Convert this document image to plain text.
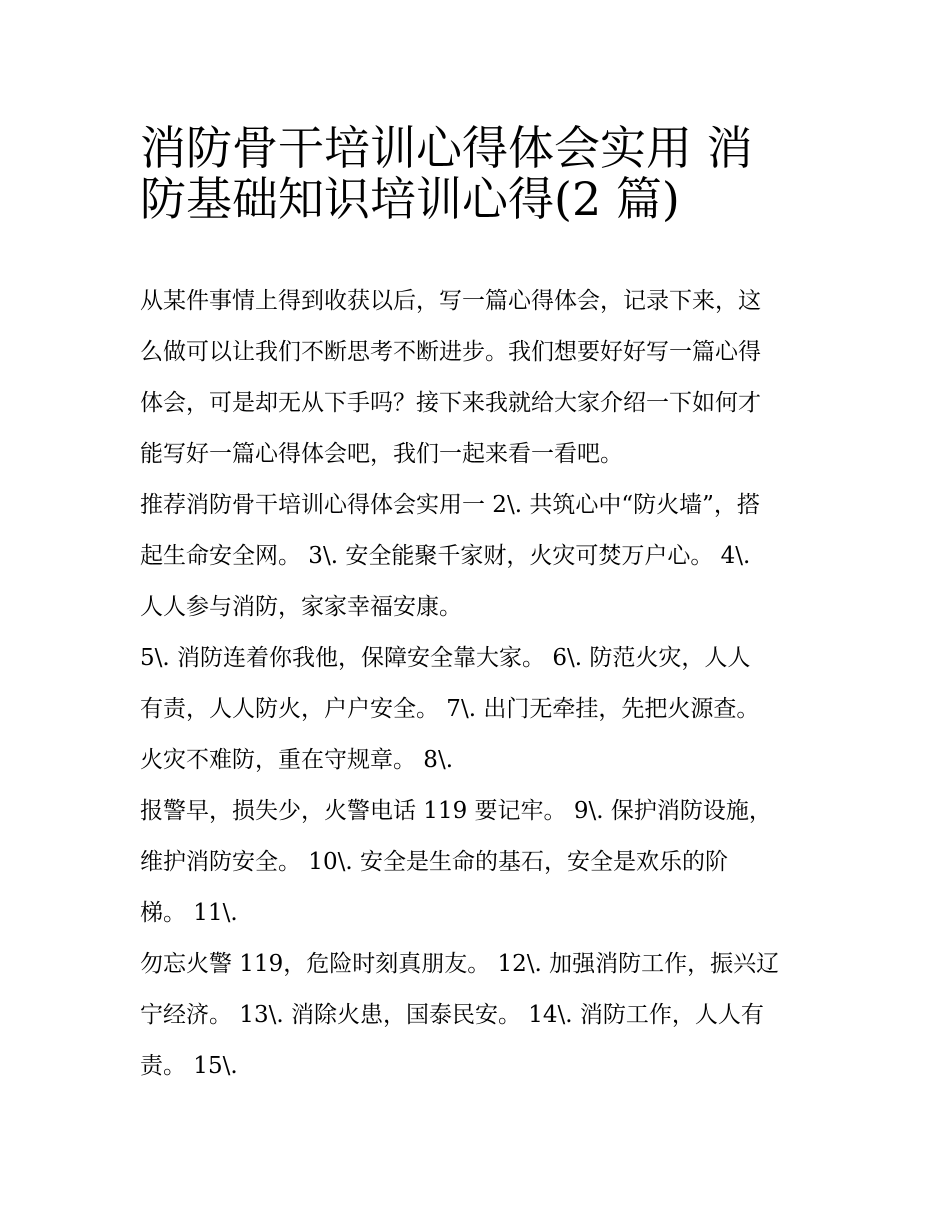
消防骨干培训心得体会实用 消
防基础知识培训心得(2 篇)
从某件事情上得到收获以后，写一篇心得体会，记录下来，这
么做可以让我们不断思考不断进步。我们想要好好写一篇心得
体会，可是却无从下手吗？接下来我就给大家介绍一下如何才
能写好一篇心得体会吧，我们一起来看一看吧。
推荐消防骨干培训心得体会实用一 2\. 共筑心中“防火墙”，搭
起生命安全网。 3\. 安全能聚千家财，火灾可焚万户心。 4\.
人人参与消防，家家幸福安康。
5\. 消防连着你我他，保障安全靠大家。 6\. 防范火灾，人人
有责，人人防火，户户安全。 7\. 出门无牵挂，先把火源查。
火灾不难防，重在守规章。 8\.
报警早，损失少，火警电话 119 要记牢。 9\. 保护消防设施，
维护消防安全。 10\. 安全是生命的基石，安全是欢乐的阶
梯。 11\.
勿忘火警 119，危险时刻真朋友。 12\. 加强消防工作，振兴辽
宁经济。 13\. 消除火患，国泰民安。 14\. 消防工作，人人有
责。 15\.
